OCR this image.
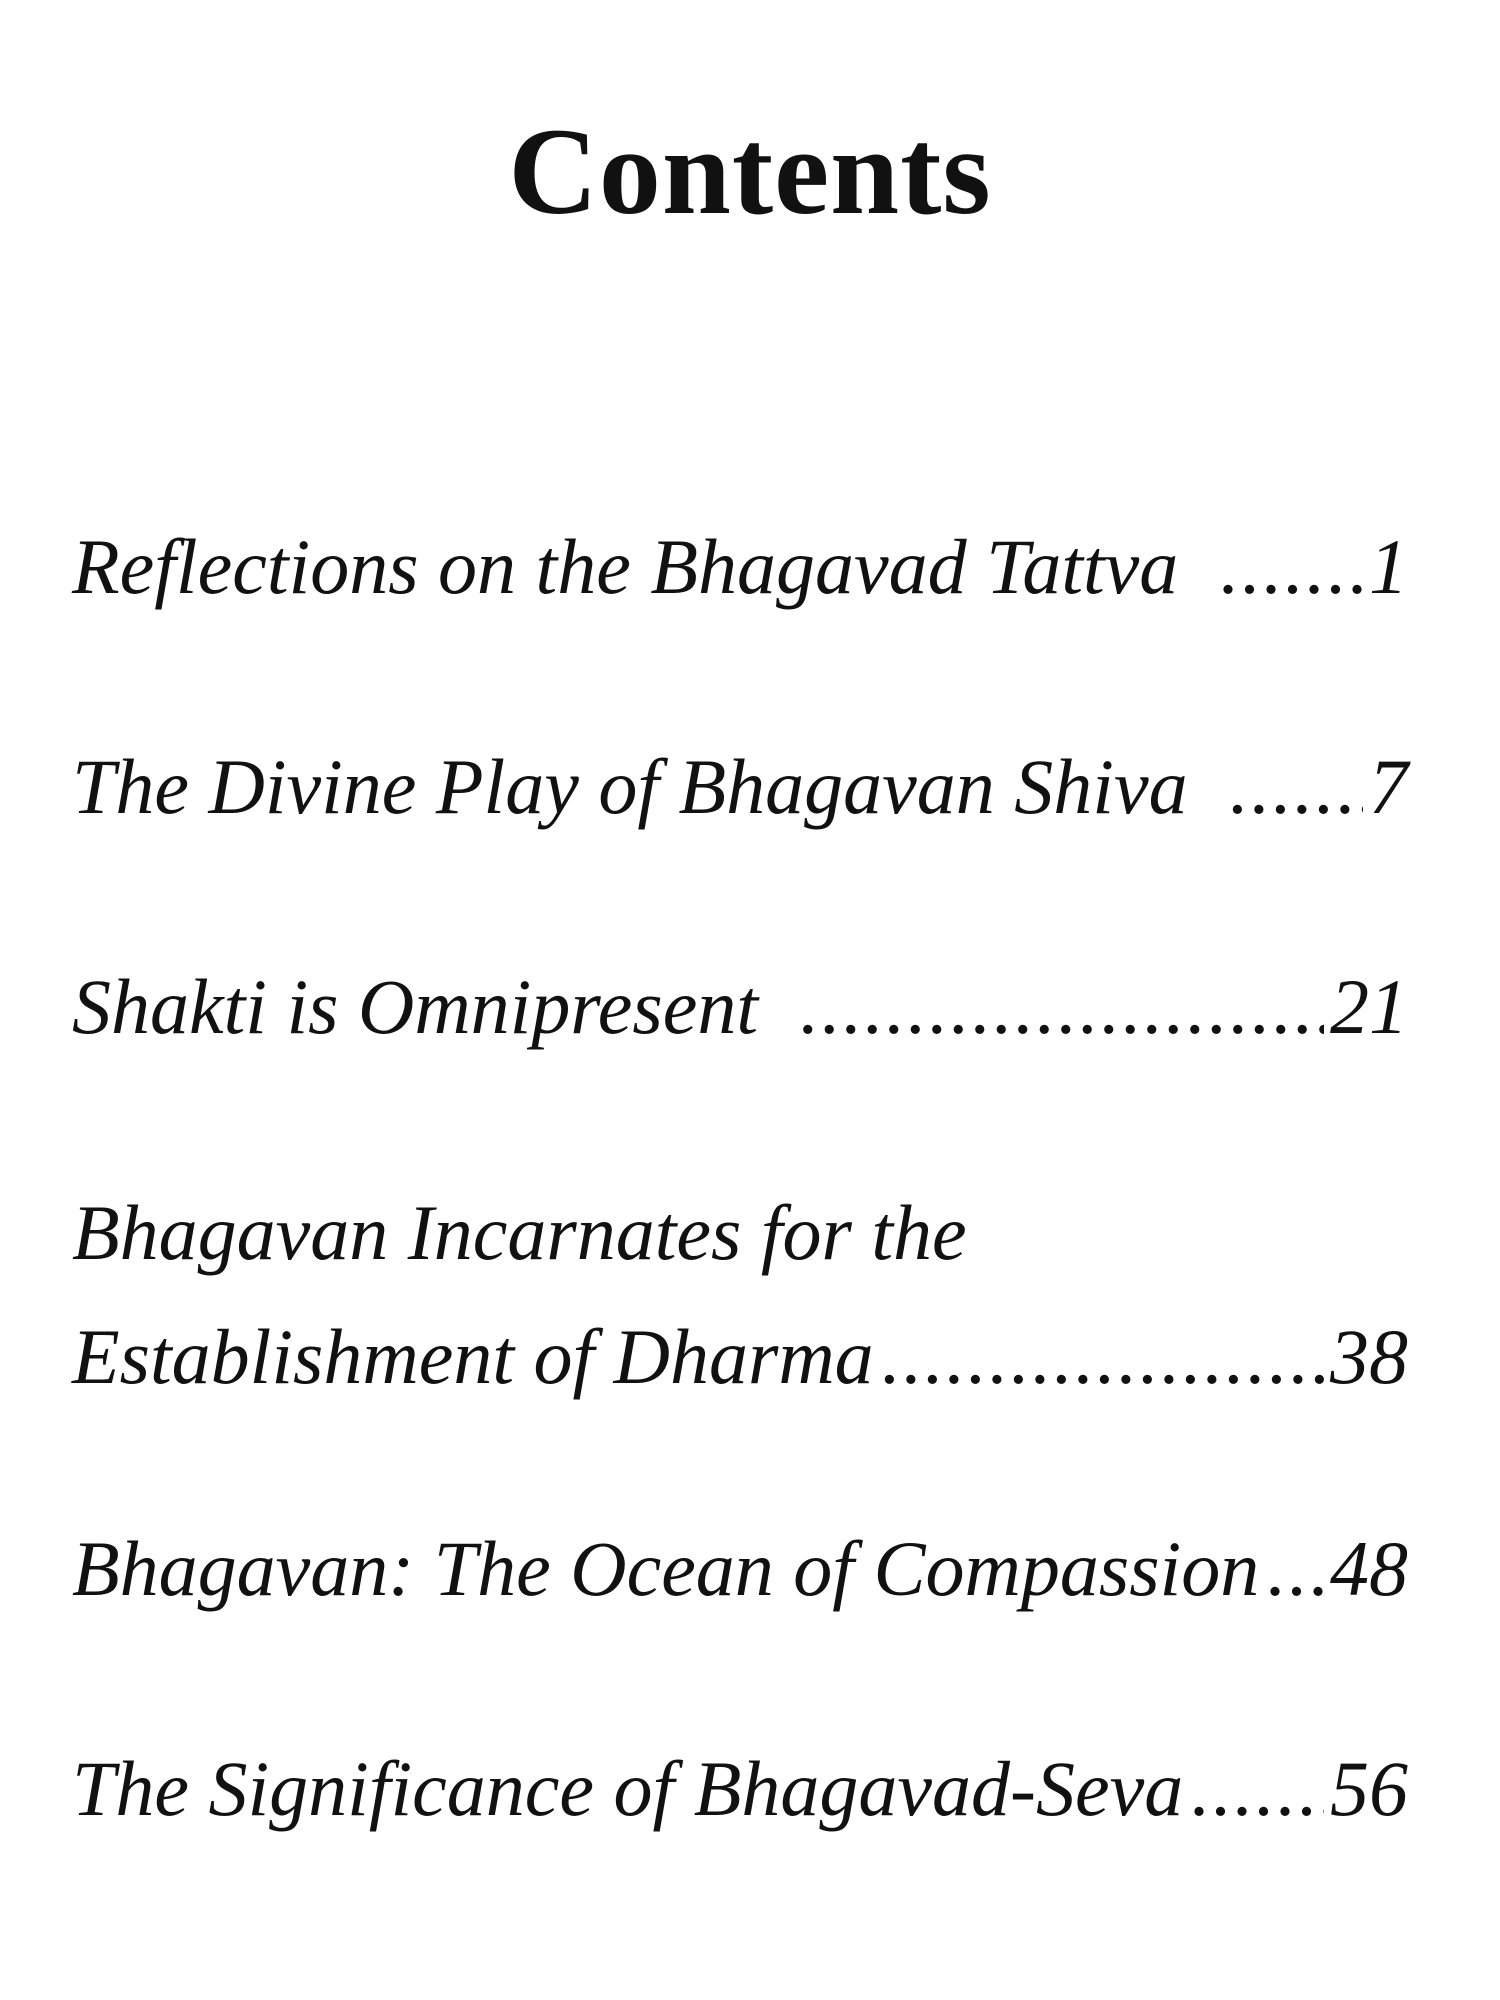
Contents
Reflections on the Bhagavad Tattva ..... 1
The Divine Play of Bhagavan Shiva ..... 7
Shakti is Omnipresent .....	21
Bhagavan Incarnates for the
Establishment of Dharma .....	38
Bhagavan: The Ocean of Compassion ..... 48
The Significance of Bhagavad-Seva ..... 56
